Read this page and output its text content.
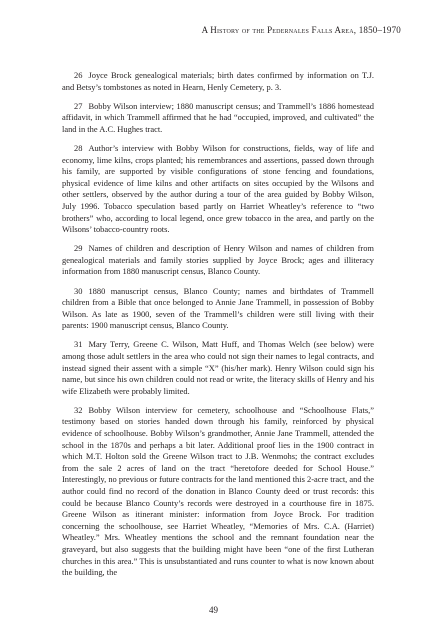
A History of the Pedernales Falls Area, 1850–1970

26 Joyce Brock genealogical materials; birth dates confirmed by information on T.J. and Betsy’s tombstones as noted in Hearn, Henly Cemetery, p. 3.

27 Bobby Wilson interview; 1880 manuscript census; and Trammell’s 1886 homestead affidavit, in which Trammell affirmed that he had “occupied, improved, and cultivated” the land in the A.C. Hughes tract.

28 Author’s interview with Bobby Wilson for constructions, fields, way of life and economy, lime kilns, crops planted; his remembrances and assertions, passed down through his family, are supported by visible configurations of stone fencing and foundations, physical evidence of lime kilns and other artifacts on sites occupied by the Wilsons and other settlers, observed by the author during a tour of the area guided by Bobby Wilson, July 1996. Tobacco speculation based partly on Harriet Wheatley’s reference to “two brothers” who, according to local legend, once grew tobacco in the area, and partly on the Wilsons’ tobacco-country roots.

29 Names of children and description of Henry Wilson and names of children from genealogical materials and family stories supplied by Joyce Brock; ages and illiteracy information from 1880 manuscript census, Blanco County.

30 1880 manuscript census, Blanco County; names and birthdates of Trammell children from a Bible that once belonged to Annie Jane Trammell, in possession of Bobby Wilson. As late as 1900, seven of the Trammell’s children were still living with their parents: 1900 manuscript census, Blanco County.

31 Mary Terry, Greene C. Wilson, Matt Huff, and Thomas Welch (see below) were among those adult settlers in the area who could not sign their names to legal contracts, and instead signed their assent with a simple “X” (his/her mark). Henry Wilson could sign his name, but since his own children could not read or write, the literacy skills of Henry and his wife Elizabeth were probably limited.

32 Bobby Wilson interview for cemetery, schoolhouse and “Schoolhouse Flats,” testimony based on stories handed down through his family, reinforced by physical evidence of schoolhouse. Bobby Wilson’s grandmother, Annie Jane Trammell, attended the school in the 1870s and perhaps a bit later. Additional proof lies in the 1900 contract in which M.T. Holton sold the Greene Wilson tract to J.B. Wenmohs; the contract excludes from the sale 2 acres of land on the tract “heretofore deeded for School House.” Interestingly, no previous or future contracts for the land mentioned this 2-acre tract, and the author could find no record of the donation in Blanco County deed or trust records: this could be because Blanco County’s records were destroyed in a courthouse fire in 1875. Greene Wilson as itinerant minister: information from Joyce Brock. For tradition concerning the schoolhouse, see Harriet Wheatley, “Memories of Mrs. C.A. (Harriet) Wheatley.” Mrs. Wheatley mentions the school and the remnant foundation near the graveyard, but also suggests that the building might have been “one of the first Lutheran churches in this area.” This is unsubstantiated and runs counter to what is now known about the building, the

49
